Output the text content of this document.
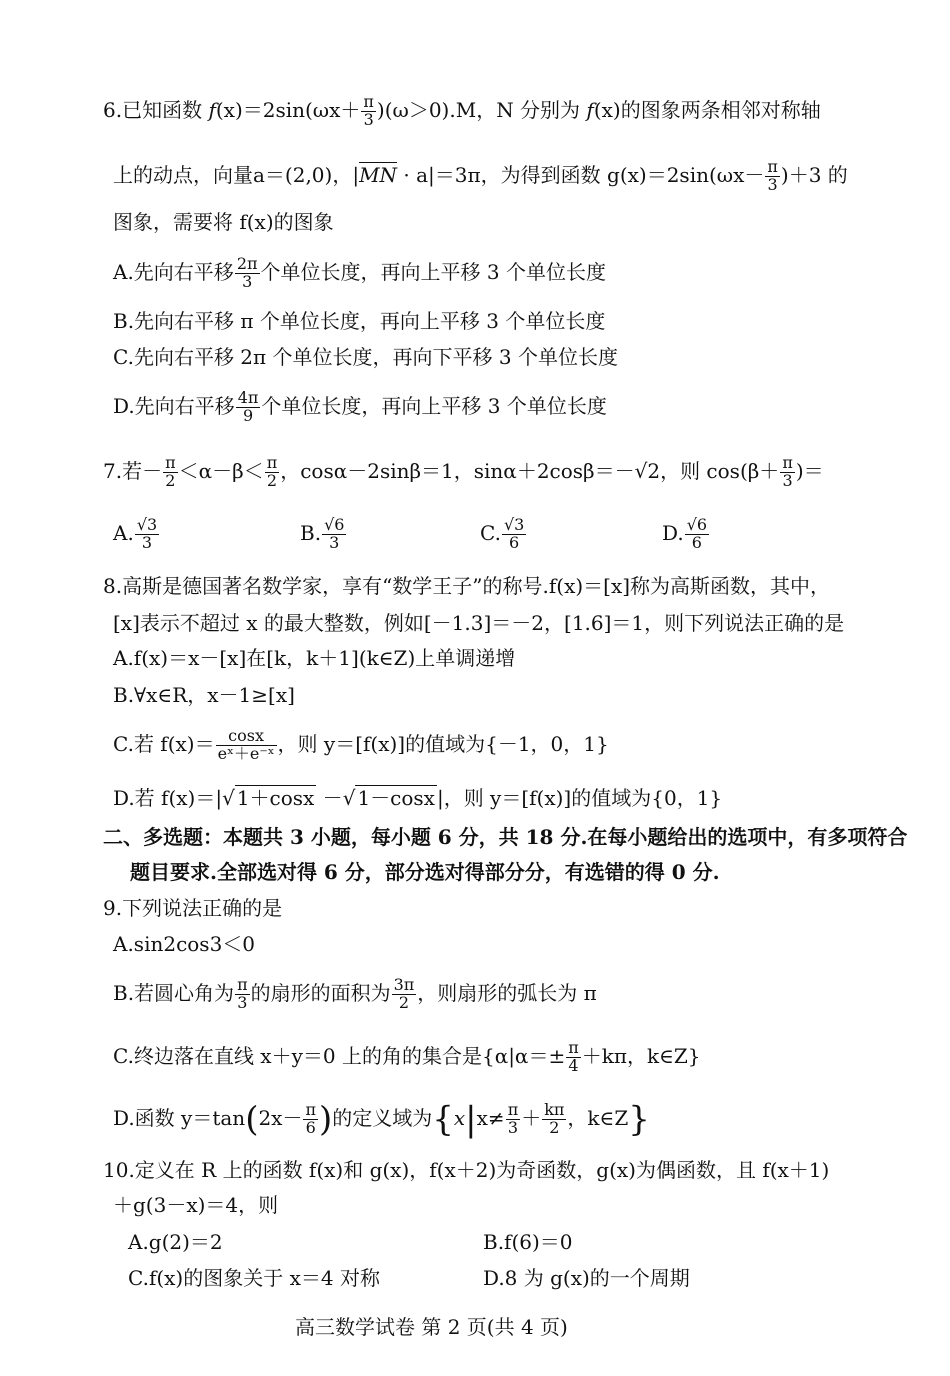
6.已知函数 $f(x)=2\sin(\omega x+ \frac{\pi}{3} )(\omega>0).M$，N 分别为 f(x)的图象两条相邻对称轴
上的动点，向量a＝(2,0)，|MN · a|＝3π，为得到函数 $g(x)=2\sin(\omega x- \frac{\pi}{3} )+3$ 的
图象，需要将 f(x)的图象
A.先向右平移 $\frac{2\pi}{3}$ 个单位长度，再向上平移 3 个单位长度
B.先向右平移 π 个单位长度，再向上平移 3 个单位长度
C.先向右平移 2π 个单位长度，再向下平移 3 个单位长度
D.先向右平移 $\frac{4\pi}{9}$ 个单位长度，再向上平移 3 个单位长度
7.若－ $\frac{\pi}{2} <\alpha-\beta< \frac{\pi}{2}$ ，cosα－2sinβ＝1，sinα＋2cosβ＝－√2，则 $\cos(\beta+ \frac{\pi}{3}$ )＝
A. $\frac{√3}{3}$	B. $\frac{√6}{3}$	C. $\frac{√3}{6}$	D. $\frac{√6}{6}$
8.高斯是德国著名数学家，享有“数学王子”的称号.f(x)＝[x]称为高斯函数，其中，
[x]表示不超过 x 的最大整数，例如[－1.3]＝－2，[1.6]＝1，则下列说法正确的是
A.f(x)＝x－[x]在[k，k＋1](k∈Z)上单调递增
B.∀x∈R，x－1≥[x]
C.若 $f(x)= \frac{\cos x}{\text{eˣ＋e⁻ˣ}}$ ，则 y＝[f(x)]的值域为{－1，0，1}
D.若 f(x)＝|√ 1＋cosx －√ 1－cosx |，则 y＝[f(x)]的值域为{0，1}
二、多选题：本题共 3 小题，每小题 6 分，共 18 分.在每小题给出的选项中，有多项符合
题目要求.全部选对得 6 分，部分选对得部分分，有选错的得 0 分.
9.下列说法正确的是
A.sin2cos3＜0
B.若圆心角为 $\frac{\pi}{3}$ 的扇形的面积为 $\frac{3\pi}{2}$ ，则扇形的弧长为 π
C.终边落在直线 x＋y＝0 上的角的集合是{$\alpha|\alpha=\pm \frac{\pi}{4} +k\pi$，k∈Z}
D.函数 $y=\tan(2x- \frac{\pi}{6}$ )的定义域为{$x|x\ne \frac{\pi}{3} + \frac{k\pi}{2}$ ，k∈Z}
10.定义在 R 上的函数 f(x)和 g(x)，f(x＋2)为奇函数，g(x)为偶函数，且 f(x＋1)
＋g(3－x)＝4，则
A.g(2)＝2	B.f(6)＝0
C.f(x)的图象关于 x＝4 对称	D.8 为 g(x)的一个周期
高三数学试卷 第 2 页(共 4 页)
